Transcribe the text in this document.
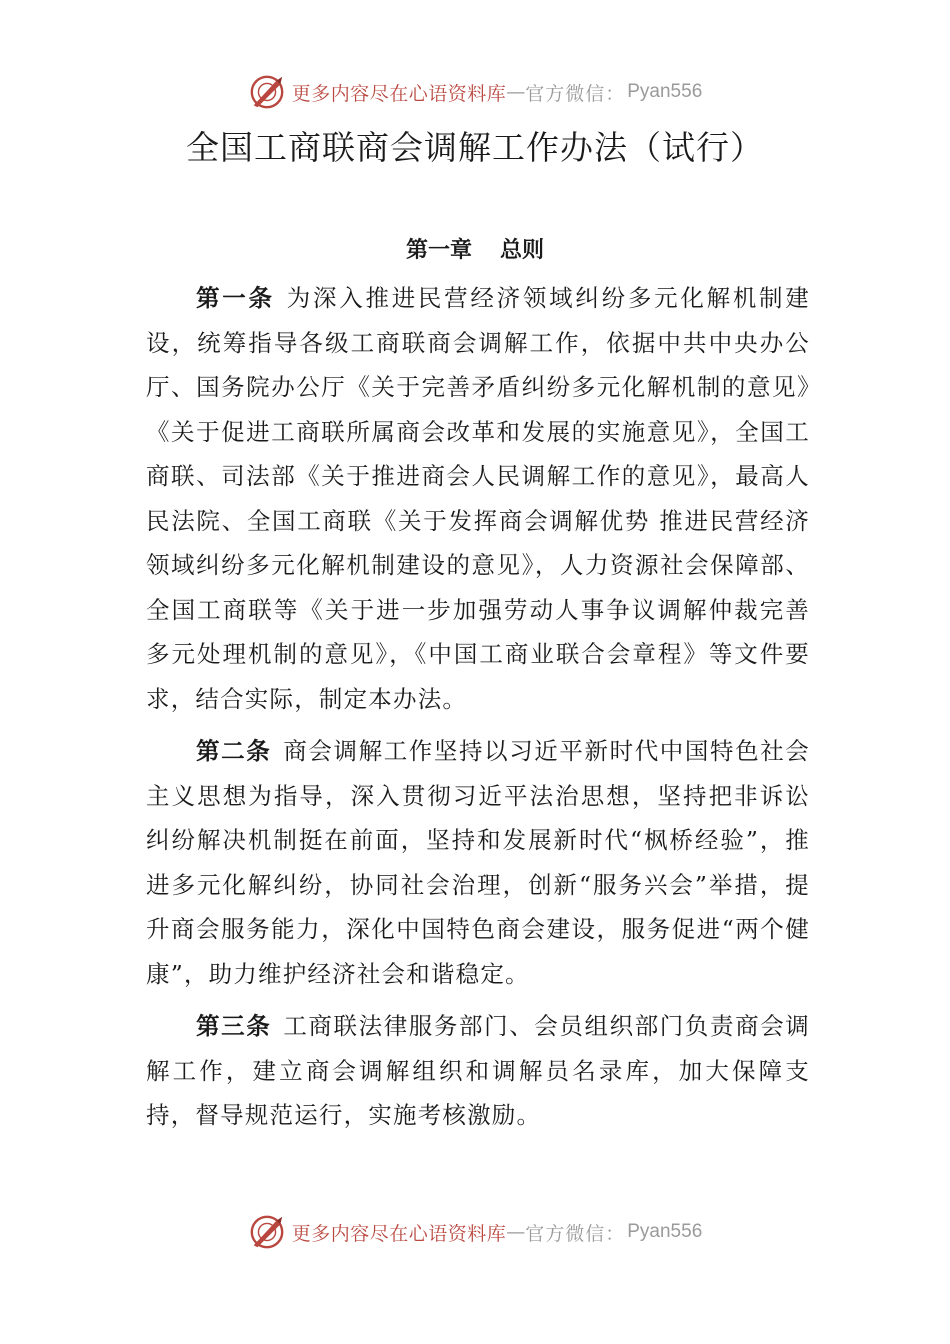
更多内容尽在心语资料库 — 官方微信： Pyan556
全国工商联商会调解工作办法（试行）
第一章 总则

第一条 为深入推进民营经济领域纠纷多元化解机制建设，统筹指导各级工商联商会调解工作，依据中共中央办公厅、国务院办公厅《关于完善矛盾纠纷多元化解机制的意见》《关于促进工商联所属商会改革和发展的实施意见》，全国工商联、司法部《关于推进商会人民调解工作的意见》，最高人民法院、全国工商联《关于发挥商会调解优势 推进民营经济领域纠纷多元化解机制建设的意见》，人力资源社会保障部、全国工商联等《关于进一步加强劳动人事争议调解仲裁完善多元处理机制的意见》，《中国工商业联合会章程》等文件要求，结合实际，制定本办法。

第二条 商会调解工作坚持以习近平新时代中国特色社会主义思想为指导，深入贯彻习近平法治思想，坚持把非诉讼纠纷解决机制挺在前面，坚持和发展新时代“枫桥经验”，推进多元化解纠纷，协同社会治理，创新“服务兴会”举措，提升商会服务能力，深化中国特色商会建设，服务促进“两个健康”，助力维护经济社会和谐稳定。

第三条 工商联法律服务部门、会员组织部门负责商会调解工作，建立商会调解组织和调解员名录库，加大保障支持，督导规范运行，实施考核激励。

更多内容尽在心语资料库 — 官方微信： Pyan556
